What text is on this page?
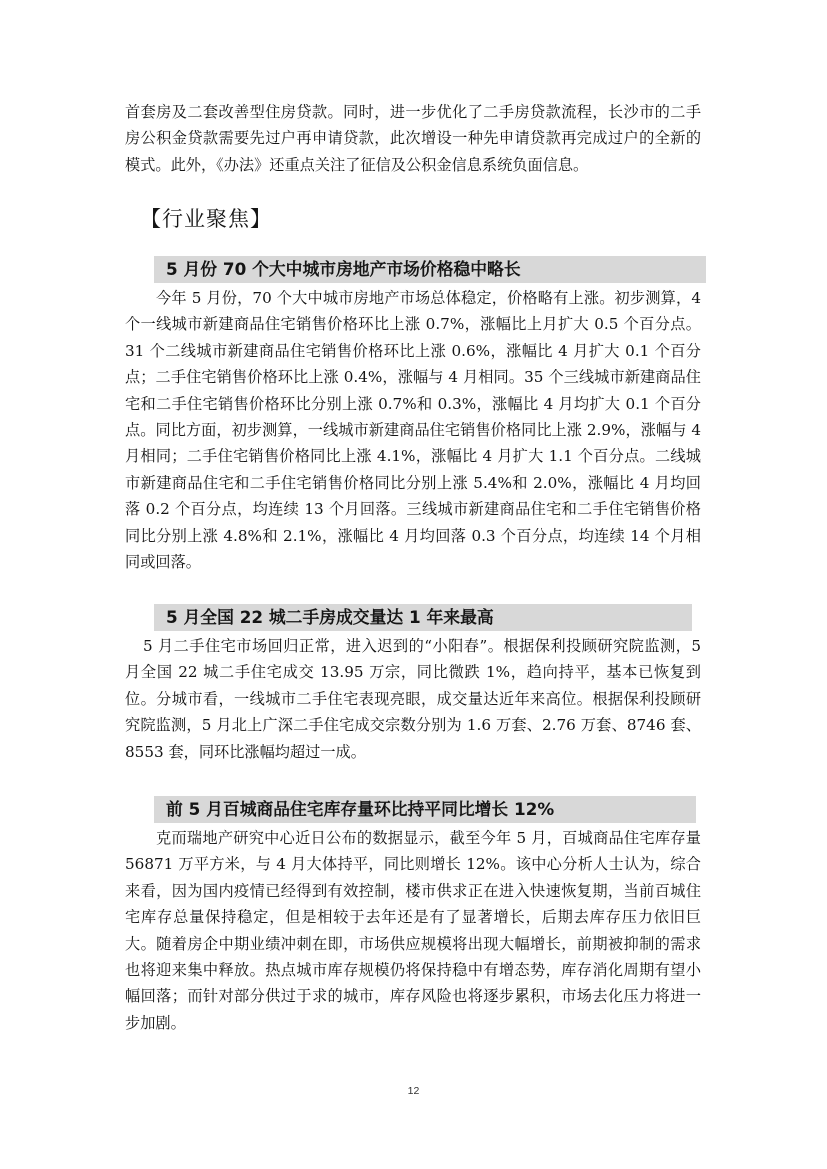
首套房及二套改善型住房贷款。同时，进一步优化了二手房贷款流程，长沙市的二手房公积金贷款需要先过户再申请贷款，此次增设一种先申请贷款再完成过户的全新的模式。此外，《办法》还重点关注了征信及公积金信息系统负面信息。

【行业聚焦】
5 月份 70 个大中城市房地产市场价格稳中略长

今年 5 月份，70 个大中城市房地产市场总体稳定，价格略有上涨。初步测算，4 个一线城市新建商品住宅销售价格环比上涨 0.7%，涨幅比上月扩大 0.5 个百分点。31 个二线城市新建商品住宅销售价格环比上涨 0.6%，涨幅比 4 月扩大 0.1 个百分点；二手住宅销售价格环比上涨 0.4%，涨幅与 4 月相同。35 个三线城市新建商品住宅和二手住宅销售价格环比分别上涨 0.7%和 0.3%，涨幅比 4 月均扩大 0.1 个百分点。同比方面，初步测算，一线城市新建商品住宅销售价格同比上涨 2.9%，涨幅与 4 月相同；二手住宅销售价格同比上涨 4.1%，涨幅比 4 月扩大 1.1 个百分点。二线城市新建商品住宅和二手住宅销售价格同比分别上涨 5.4%和 2.0%，涨幅比 4 月均回落 0.2 个百分点，均连续 13 个月回落。三线城市新建商品住宅和二手住宅销售价格同比分别上涨 4.8%和 2.1%，涨幅比 4 月均回落 0.3 个百分点，均连续 14 个月相同或回落。

5 月全国 22 城二手房成交量达 1 年来最高

5 月二手住宅市场回归正常，进入迟到的“小阳春”。根据保利投顾研究院监测，5 月全国 22 城二手住宅成交 13.95 万宗，同比微跌 1%，趋向持平，基本已恢复到位。分城市看，一线城市二手住宅表现亮眼，成交量达近年来高位。根据保利投顾研究院监测，5 月北上广深二手住宅成交宗数分别为 1.6 万套、2.76 万套、8746 套、8553 套，同环比涨幅均超过一成。

前 5 月百城商品住宅库存量环比持平同比增长 12%

克而瑞地产研究中心近日公布的数据显示，截至今年 5 月，百城商品住宅库存量 56871 万平方米，与 4 月大体持平，同比则增长 12%。该中心分析人士认为，综合来看，因为国内疫情已经得到有效控制，楼市供求正在进入快速恢复期，当前百城住宅库存总量保持稳定，但是相较于去年还是有了显著增长，后期去库存压力依旧巨大。随着房企中期业绩冲刺在即，市场供应规模将出现大幅增长，前期被抑制的需求也将迎来集中释放。热点城市库存规模仍将保持稳中有增态势，库存消化周期有望小幅回落；而针对部分供过于求的城市，库存风险也将逐步累积，市场去化压力将进一步加剧。

12
